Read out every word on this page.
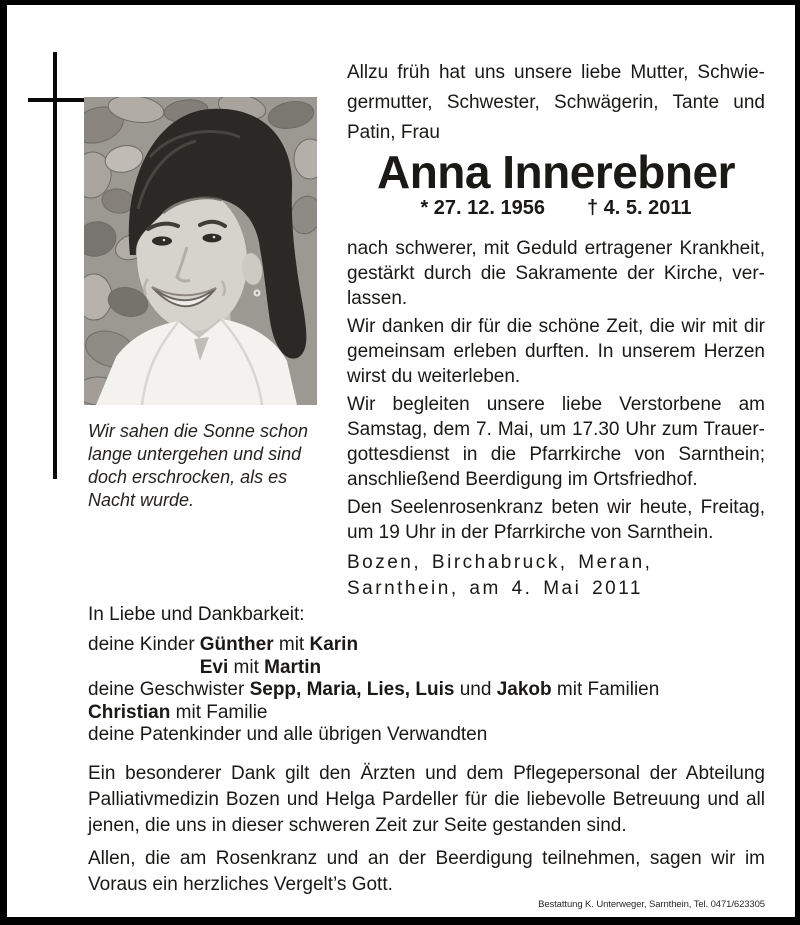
Wir sahen die Sonne schon
lange untergehen und sind
doch erschrocken, als es
Nacht wurde.
Allzu früh hat uns unsere liebe Mutter, Schwie-
germutter, Schwester, Schwägerin, Tante und
Patin, Frau
Anna Innerebner
* 27. 12. 1956 † 4. 5. 2011
nach schwerer, mit Geduld ertragener Krankheit,
gestärkt durch die Sakramente der Kirche, ver-
lassen.
Wir danken dir für die schöne Zeit, die wir mit dir
gemeinsam erleben durften. In unserem Herzen
wirst du weiterleben.
Wir begleiten unsere liebe Verstorbene am
Samstag, dem 7. Mai, um 17.30 Uhr zum Trauer-
gottesdienst in die Pfarrkirche von Sarnthein;
anschließend Beerdigung im Ortsfriedhof.
Den Seelenrosenkranz beten wir heute, Freitag,
um 19 Uhr in der Pfarrkirche von Sarnthein.
Bozen, Birchabruck, Meran,
Sarnthein, am 4. Mai 2011
In Liebe und Dankbarkeit:
deine Kinder Günther mit Karin
Evi mit Martin
deine Geschwister Sepp, Maria, Lies, Luis und Jakob mit Familien
Christian mit Familie
deine Patenkinder und alle übrigen Verwandten
Ein besonderer Dank gilt den Ärzten und dem Pflegepersonal der Abteilung
Palliativmedizin Bozen und Helga Pardeller für die liebevolle Betreuung und all
jenen, die uns in dieser schweren Zeit zur Seite gestanden sind.
Allen, die am Rosenkranz und an der Beerdigung teilnehmen, sagen wir im
Voraus ein herzliches Vergelt’s Gott.
Bestattung K. Unterweger, Sarnthein, Tel. 0471/623305
